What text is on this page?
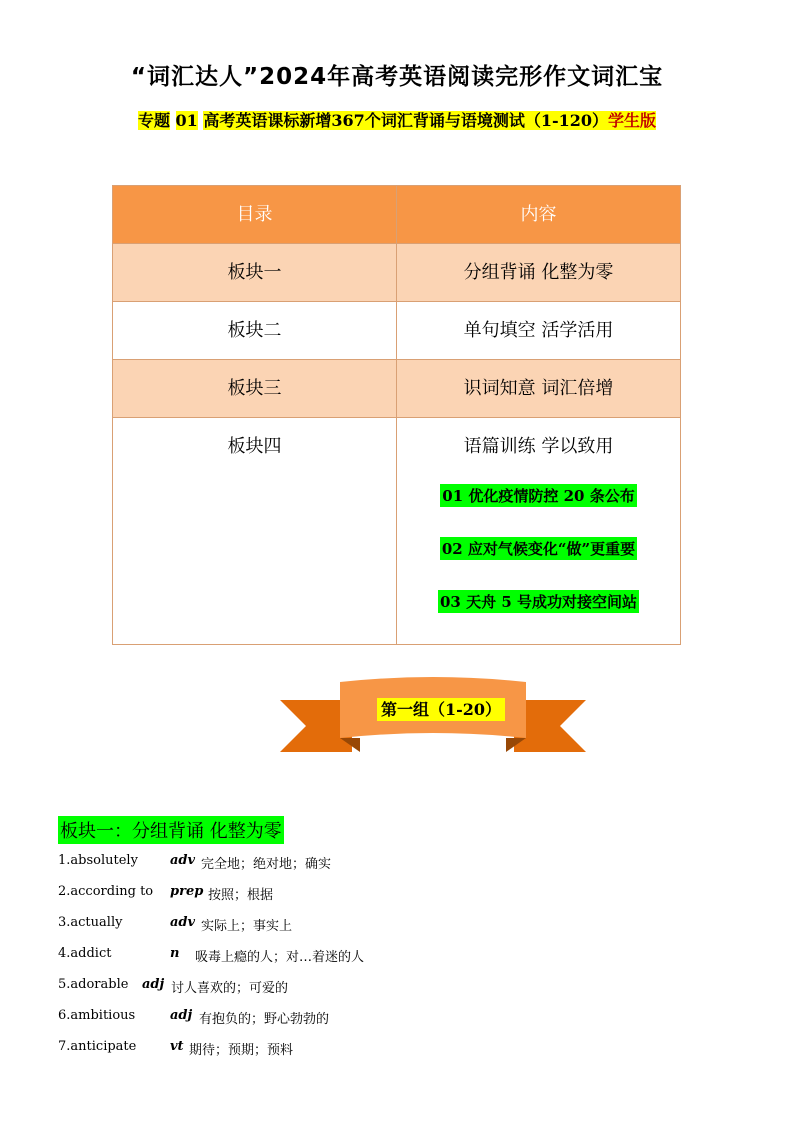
“词汇达人”2024年高考英语阅读完形作文词汇宝
专题 01 高考英语课标新增367个词汇背诵与语境测试（1-120）学生版
目录	内容
板块一	分组背诵 化整为零
板块二	单句填空 活学活用
板块三	识词知意 词汇倍增
板块四	语篇训练 学以致用
01 优化疫情防控 20 条公布
02 应对气候变化“做”更重要
03 天舟 5 号成功对接空间站
第一组（1-20）
板块一：分组背诵 化整为零
1.absolutely adv 完全地；绝对地；确实
2.according to prep 按照；根据
3.actually	adv 实际上；事实上
4.addict	n 吸毒上瘾的人；对…着迷的人
5.adorable adj 讨人喜欢的；可爱的
6.ambitious	adj 有抱负的；野心勃勃的
7.anticipate	vt 期待；预期；预料
